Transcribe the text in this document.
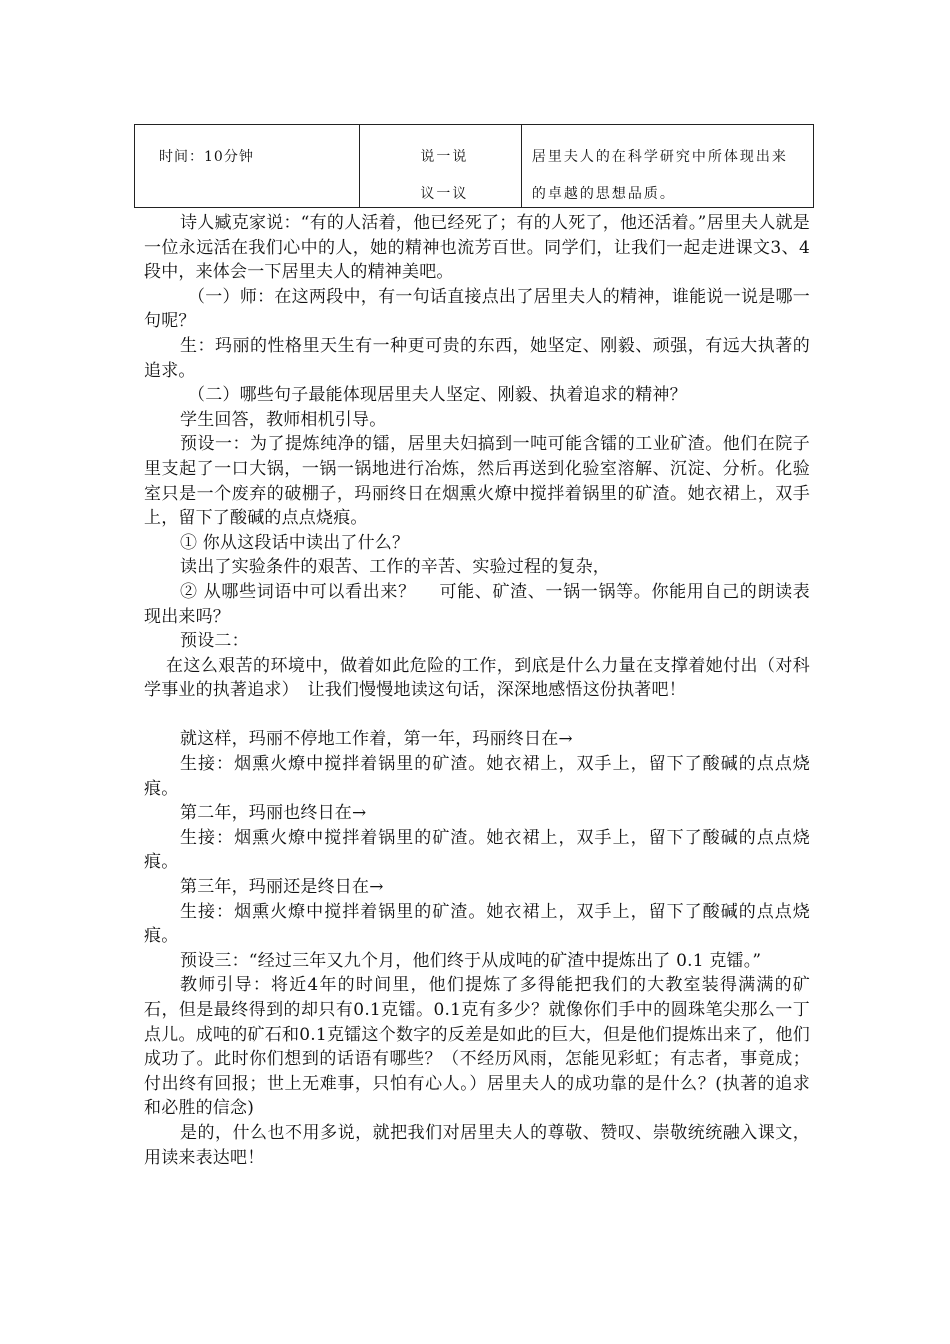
时间：10分钟	说一说
议一议
居里夫人的在科学研究中所体现出来
的卓越的思想品质。

诗人臧克家说：“有的人活着，他已经死了；有的人死了，他还活着。”居里夫人就是一位永远活在我们心中的人，她的精神也流芳百世。同学们，让我们一起走进课文3、4段中，来体会一下居里夫人的精神美吧。

（一）师：在这两段中，有一句话直接点出了居里夫人的精神，谁能说一说是哪一句呢？

生：玛丽的性格里天生有一种更可贵的东西，她坚定、刚毅、顽强，有远大执著的追求。

（二）哪些句子最能体现居里夫人坚定、刚毅、执着追求的精神？

学生回答，教师相机引导。

预设一：为了提炼纯净的镭，居里夫妇搞到一吨可能含镭的工业矿渣。他们在院子里支起了一口大锅，一锅一锅地进行冶炼，然后再送到化验室溶解、沉淀、分析。化验室只是一个废弃的破棚子，玛丽终日在烟熏火燎中搅拌着锅里的矿渣。她衣裙上，双手上，留下了酸碱的点点烧痕。

① 你从这段话中读出了什么？

读出了实验条件的艰苦、工作的辛苦、实验过程的复杂，

② 从哪些词语中可以看出来？　 可能、矿渣、一锅一锅等。你能用自己的朗读表现出来吗？

预设二：

在这么艰苦的环境中，做着如此危险的工作，到底是什么力量在支撑着她付出（对科学事业的执著追求）　让我们慢慢地读这句话，深深地感悟这份执著吧！

就这样，玛丽不停地工作着，第一年，玛丽终日在→

生接：烟熏火燎中搅拌着锅里的矿渣。她衣裙上，双手上，留下了酸碱的点点烧痕。

第二年，玛丽也终日在→

生接：烟熏火燎中搅拌着锅里的矿渣。她衣裙上，双手上，留下了酸碱的点点烧痕。

第三年，玛丽还是终日在→

生接：烟熏火燎中搅拌着锅里的矿渣。她衣裙上，双手上，留下了酸碱的点点烧痕。

预设三：“经过三年又九个月，他们终于从成吨的矿渣中提炼出了 0.1 克镭。”

教师引导：将近4年的时间里，他们提炼了多得能把我们的大教室装得满满的矿石，但是最终得到的却只有0.1克镭。0.1克有多少？就像你们手中的圆珠笔尖那么一丁点儿。成吨的矿石和0.1克镭这个数字的反差是如此的巨大，但是他们提炼出来了，他们成功了。此时你们想到的话语有哪些？（不经历风雨，怎能见彩虹；有志者，事竟成；付出终有回报；世上无难事，只怕有心人。）居里夫人的成功靠的是什么？(执著的追求和必胜的信念)

是的，什么也不用多说，就把我们对居里夫人的尊敬、赞叹、崇敬统统融入课文，用读来表达吧！
